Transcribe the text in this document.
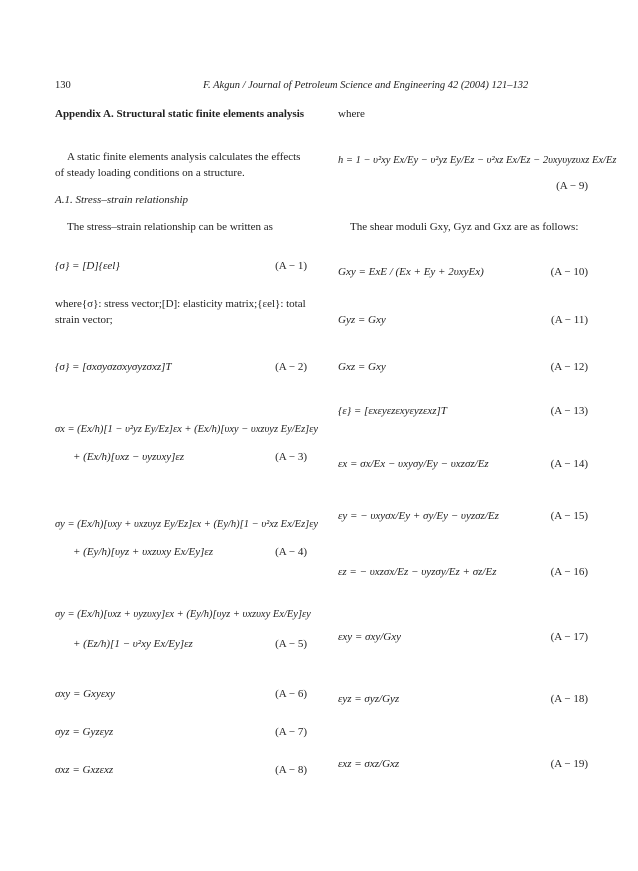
130	F. Akgun / Journal of Petroleum Science and Engineering 42 (2004) 121–132
Appendix A. Structural static finite elements analysis
A static finite elements analysis calculates the effects of steady loading conditions on a structure.
A.1. Stress–strain relationship
The stress–strain relationship can be written as
{σ} = [D]{εel}	(A − 1)
where{σ}: stress vector;[D]: elasticity matrix;{εel}: total strain vector;
{σ} = [σxσyσzσxyσyzσxz]T	(A − 2)
σx = (Ex/h)[1 − υ²yz Ey/Ez]εx + (Ex/h)[υxy − υxzυyz Ey/Ez]εy
+ (Ex/h)[υxz − υyzυxy]εz	(A − 3)
σy = (Ex/h)[υxy + υxzυyz Ey/Ez]εx + (Ey/h)[1 − υ²xz Ex/Ez]εy
+ (Ey/h)[υyz + υxzυxy Ex/Ey]εz	(A − 4)
σy = (Ex/h)[υxz + υyzυxy]εx + (Ey/h)[υyz + υxzυxy Ex/Ey]εy
+ (Ez/h)[1 − υ²xy Ex/Ey]εz	(A − 5)
σxy = Gxyεxy	(A − 6)
σyz = Gyzεyz	(A − 7)
σxz = Gxzεxz	(A − 8)
where
h = 1 − υ²xy Ex/Ey − υ²yz Ey/Ez − υ²xz Ex/Ez − 2υxyυyzυxz Ex/Ez
(A − 9)
The shear moduli Gxy, Gyz and Gxz are as follows:
Gxy = ExE / (Ex + Ey + 2υxyEx)	(A − 10)
Gyz = Gxy	(A − 11)
Gxz = Gxy	(A − 12)
{ε} = [εxεyεzεxyεyzεxz]T	(A − 13)
εx = σx/Ex − υxyσy/Ey − υxzσz/Ez	(A − 14)
εy = − υxyσx/Ey + σy/Ey − υyzσz/Ez	(A − 15)
εz = − υxzσx/Ez − υyzσy/Ez + σz/Ez	(A − 16)
εxy = σxy/Gxy	(A − 17)
εyz = σyz/Gyz	(A − 18)
εxz = σxz/Gxz	(A − 19)
